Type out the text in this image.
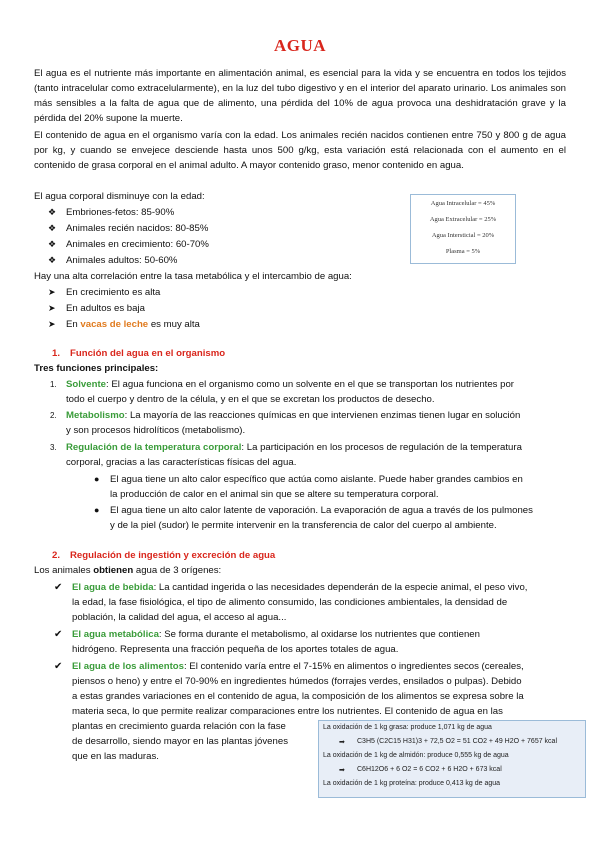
AGUA
El agua es el nutriente más importante en alimentación animal, es esencial para la vida y se encuentra en todos los tejidos (tanto intracelular como extracelularmente), en la luz del tubo digestivo y en el interior del aparato urinario. Los animales son más sensibles a la falta de agua que de alimento, una pérdida del 10% de agua provoca una deshidratación grave y la pérdida del 20% supone la muerte.
El contenido de agua en el organismo varía con la edad. Los animales recién nacidos contienen entre 750 y 800 g de agua por kg, y cuando se envejece desciende hasta unos 500 g/kg, esta variación está relacionada con el aumento en el contenido de grasa corporal en el animal adulto. A mayor contenido graso, menor contenido en agua.
El agua corporal disminuye con la edad:
❖ Embriones-fetos: 85-90%
❖ Animales recién nacidos: 80-85%
❖ Animales en crecimiento: 60-70%
❖ Animales adultos: 50-60%
Agua Intracelular = 45%
Agua Extracelular = 25%
Agua Intersticial = 20%
Plasma = 5%
Hay una alta correlación entre la tasa metabólica y el intercambio de agua:
➤ En crecimiento es alta
➤ En adultos es baja
➤ En vacas de leche es muy alta
1. Función del agua en el organismo
Tres funciones principales:
1. Solvente: El agua funciona en el organismo como un solvente en el que se transportan los nutrientes por
todo el cuerpo y dentro de la célula, y en el que se excretan los productos de desecho.
2. Metabolismo: La mayoría de las reacciones químicas en que intervienen enzimas tienen lugar en solución
y son procesos hidrolíticos (metabolismo).
3. Regulación de la temperatura corporal: La participación en los procesos de regulación de la temperatura
corporal, gracias a las características físicas del agua.
● El agua tiene un alto calor específico que actúa como aislante. Puede haber grandes cambios en
la producción de calor en el animal sin que se altere su temperatura corporal.
● El agua tiene un alto calor latente de vaporación. La evaporación de agua a través de los pulmones
y de la piel (sudor) le permite intervenir en la transferencia de calor del cuerpo al ambiente.
2. Regulación de ingestión y excreción de agua
Los animales obtienen agua de 3 orígenes:
✔ El agua de bebida: La cantidad ingerida o las necesidades dependerán de la especie animal, el peso vivo,
la edad, la fase fisiológica, el tipo de alimento consumido, las condiciones ambientales, la densidad de
población, la calidad del agua, el acceso al agua...
✔ El agua metabólica: Se forma durante el metabolismo, al oxidarse los nutrientes que contienen
hidrógeno. Representa una fracción pequeña de los aportes totales de agua.
✔ El agua de los alimentos: El contenido varía entre el 7-15% en alimentos o ingredientes secos (cereales,
piensos o heno) y entre el 70-90% en ingredientes húmedos (forrajes verdes, ensilados o pulpas). Debido
a estas grandes variaciones en el contenido de agua, la composición de los alimentos se expresa sobre la
materia seca, lo que permite realizar comparaciones entre los nutrientes. El contenido de agua en las
plantas en crecimiento guarda relación con la fase
de desarrollo, siendo mayor en las plantas jóvenes
que en las maduras.
La oxidación de 1 kg grasa: produce 1,071 kg de agua
➡ C3H5 (C2C15 H31)3 + 72,5 O2 = 51 CO2 + 49 H2O + 7657 kcal
La oxidación de 1 kg de almidón: produce 0,555 kg de agua
➡ C6H12O6 + 6 O2 = 6 CO2 + 6 H2O + 673 kcal
La oxidación de 1 kg proteína: produce 0,413 kg de agua
